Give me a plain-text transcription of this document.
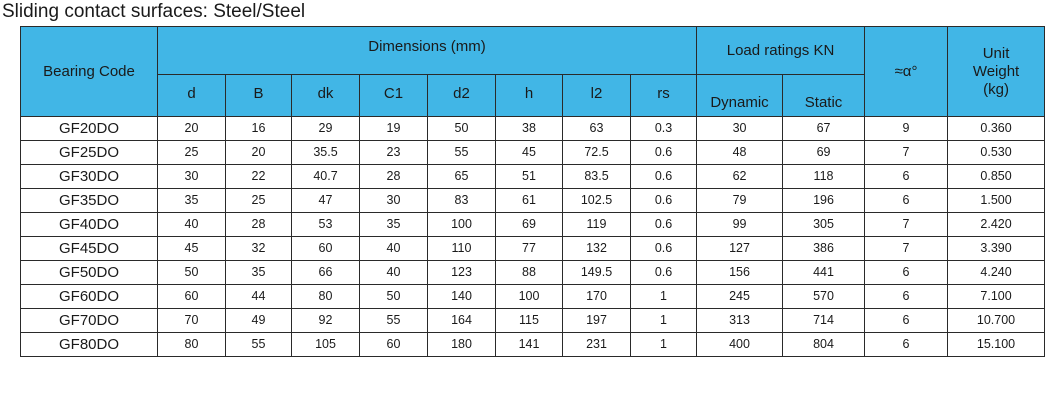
Sliding contact surfaces: Steel/Steel
Bearing Code	Dimensions (mm)								Load ratings KN		≈α°	Unit
Weight
(kg)

	d	B	dk	C1	d2	h	l2	rs	Dynamic	Static		
GF20DO	20	16	29	19	50	38	63	0.3	30	67	9	0.360
GF25DO	25	20	35.5	23	55	45	72.5	0.6	48	69	7	0.530
GF30DO	30	22	40.7	28	65	51	83.5	0.6	62	118	6	0.850
GF35DO	35	25	47	30	83	61	102.5	0.6	79	196	6	1.500
GF40DO	40	28	53	35	100	69	119	0.6	99	305	7	2.420
GF45DO	45	32	60	40	110	77	132	0.6	127	386	7	3.390
GF50DO	50	35	66	40	123	88	149.5	0.6	156	441	6	4.240
GF60DO	60	44	80	50	140	100	170	1	245	570	6	7.100
GF70DO	70	49	92	55	164	115	197	1	313	714	6	10.700
GF80DO	80	55	105	60	180	141	231	1	400	804	6	15.100
